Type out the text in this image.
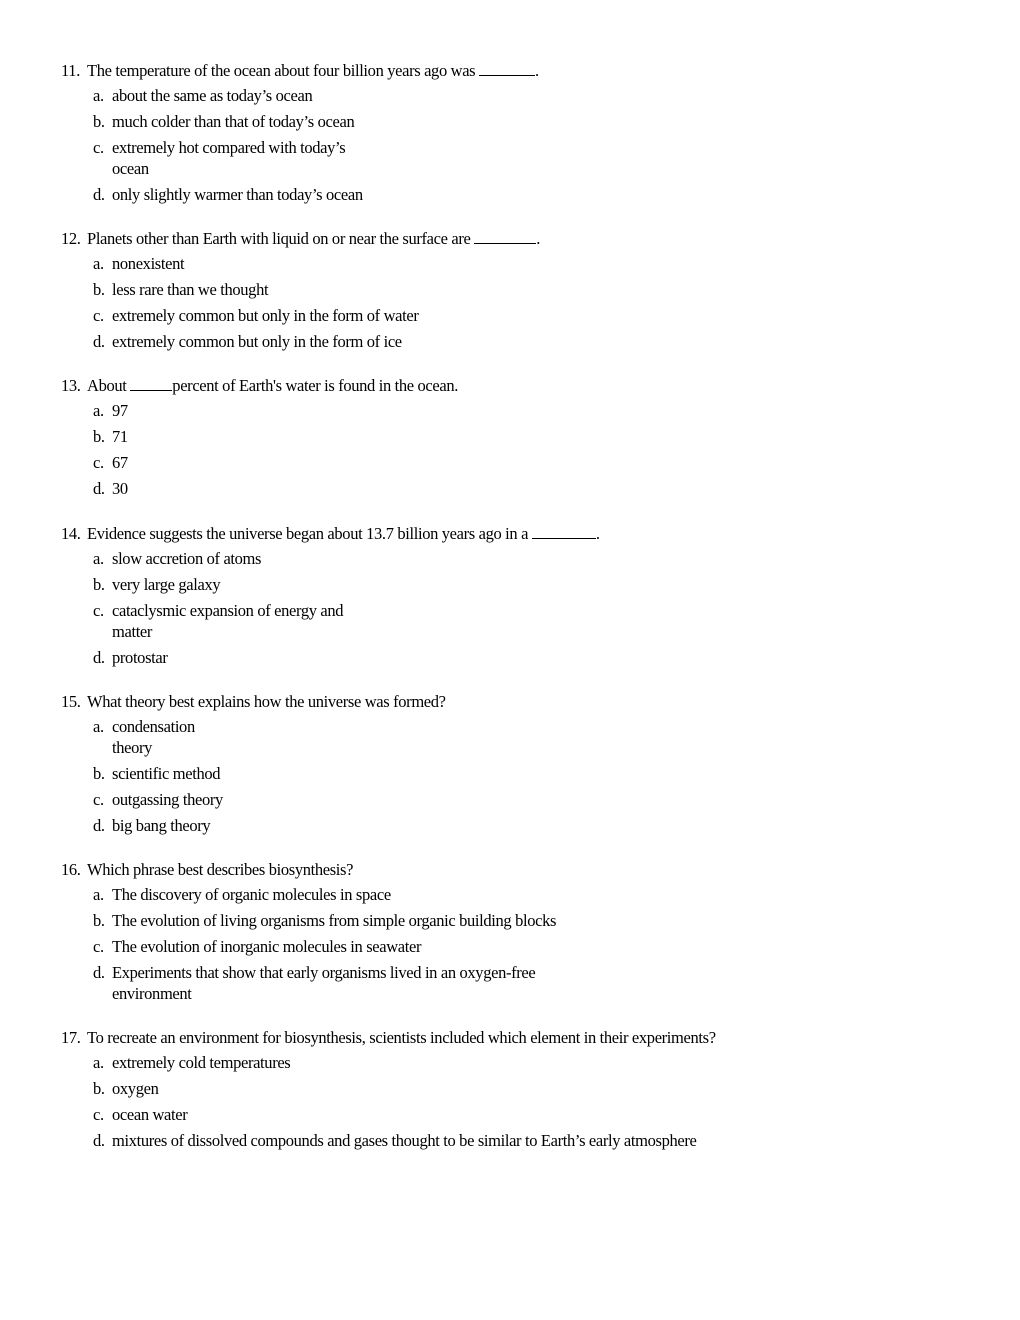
11. The temperature of the ocean about four billion years ago was	.
a. about the same as today’s ocean
b. much colder than that of today’s ocean
c. extremely hot compared with today’s ocean
d. only slightly warmer than today’s ocean
12. Planets other than Earth with liquid on or near the surface are	.
a. nonexistent
b. less rare than we thought
c. extremely common but only in the form of water
d. extremely common but only in the form of ice
13. About	percent of Earth's water is found in the ocean.
a. 97
b. 71
c. 67
d. 30
14. Evidence suggests the universe began about 13.7 billion years ago in a	.
a. slow accretion of atoms
b. very large galaxy
c. cataclysmic expansion of energy and matter
d. protostar
15. What theory best explains how the universe was formed?
a. condensation theory
b. scientific method
c. outgassing theory
d. big bang theory
16. Which phrase best describes biosynthesis?
a. The discovery of organic molecules in space
b. The evolution of living organisms from simple organic building blocks
c. The evolution of inorganic molecules in seawater
d. Experiments that show that early organisms lived in an oxygen-free environment
17. To recreate an environment for biosynthesis, scientists included which element in their experiments?
a. extremely cold temperatures
b. oxygen
c. ocean water
d. mixtures of dissolved compounds and gases thought to be similar to Earth’s early atmosphere
